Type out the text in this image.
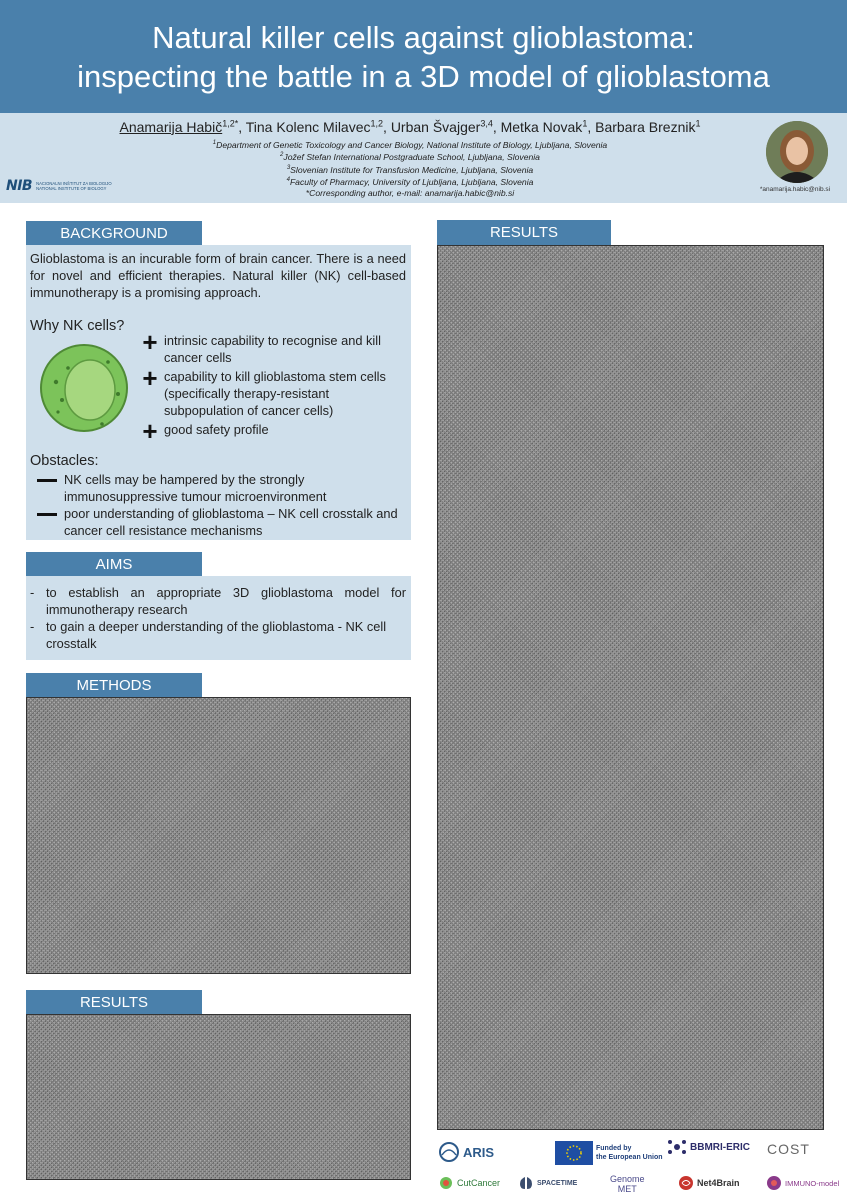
Natural killer cells against glioblastoma:
inspecting the battle in a 3D model of glioblastoma
Anamarija Habič$^{1,2*}$, Tina Kolenc Milavec$^{1,2}$, Urban Švajger$^{3,4}$, Metka Novak$^1$, Barbara Breznik$^1$
$^1$Department of Genetic Toxicology and Cancer Biology, National Institute of Biology, Ljubljana, Slovenia
$^2$Jožef Stefan International Postgraduate School, Ljubljana, Slovenia
$^3$Slovenian Institute for Transfusion Medicine, Ljubljana, Slovenia
$^4$Faculty of Pharmacy, University of Ljubljana, Ljubljana, Slovenia
*Corresponding author, e-mail: anamarija.habic@nib.si
NIB NACIONALNI INŠTITUT ZA BIOLOGIJO
NATIONAL INSTITUTE OF BIOLOGY	*anamarija.habic@nib.si
BACKGROUND
Glioblastoma is an incurable form of brain cancer. There is a need for novel and efficient therapies. Natural killer (NK) cell-based immunotherapy is a promising approach.
Why NK cells?
+ intrinsic capability to recognise and kill cancer cells
+ capability to kill glioblastoma stem cells (specifically therapy-resistant subpopulation of cancer cells)
+ good safety profile
Obstacles:
NK cells may be hampered by the strongly immunosuppressive tumour microenvironment
poor understanding of glioblastoma – NK cell crosstalk and cancer cell resistance mechanisms
AIMS
- to establish an appropriate 3D glioblastoma model for immunotherapy research
- to gain a deeper understanding of the glioblastoma - NK cell crosstalk
METHODS
RESULTS
RESULTS
ARIS	Funded by
the European Union
BBMRI-ERIC COST
CutCancer	SPACETIME	Genome
MET
Net4Brain	IMMUNO-model
